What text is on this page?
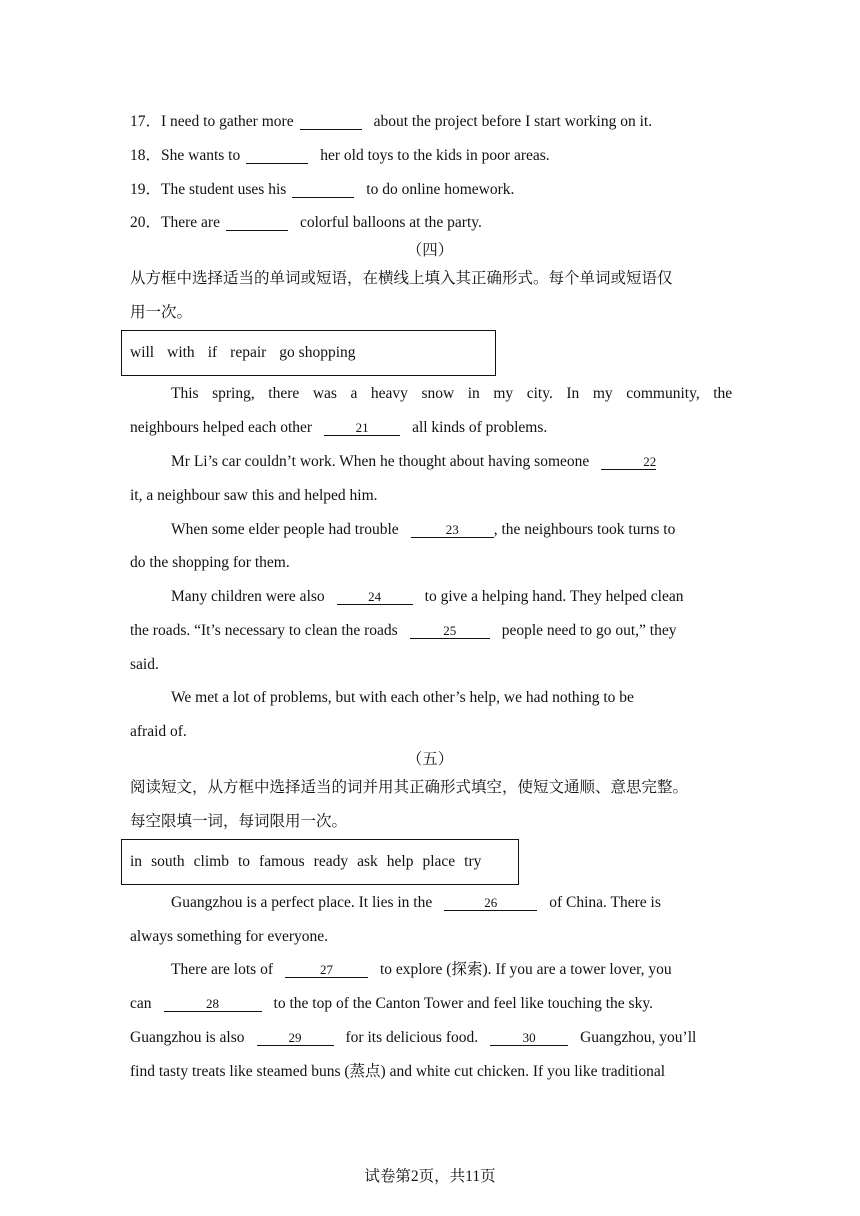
17．I need to gather more	about the project before I start working on it.
18．She wants to	her old toys to the kids in poor areas.
19．The student uses his	to do online homework.
20．There are	colorful balloons at the party.
（四）
从方框中选择适当的单词或短语，在横线上填入其正确形式。每个单词或短语仅
用一次。
will with if repair go shopping
This spring, there was a heavy snow in my city. In my community, the
neighbours helped each other	21	all kinds of problems.
Mr Li’s car couldn’t work. When he thought about having someone	22
it, a neighbour saw this and helped him.
When some elder people had trouble	23 , the neighbours took turns to
do the shopping for them.
Many children were also	24	to give a helping hand. They helped clean
the roads. “It’s necessary to clean the roads	25	people need to go out,” they
said.
We met a lot of problems, but with each other’s help, we had nothing to be
afraid of.
（五）
阅读短文，从方框中选择适当的词并用其正确形式填空，使短文通顺、意思完整。
每空限填一词，每词限用一次。
in south climb to famous ready ask help place try
Guangzhou is a perfect place. It lies in the	26	of China. There is
always something for everyone.
There are lots of	27	to explore (探索). If you are a tower lover, you
can	28	to the top of the Canton Tower and feel like touching the sky.
Guangzhou is also	29	for its delicious food.	30	Guangzhou, you’ll
find tasty treats like steamed buns (蒸点) and white cut chicken. If you like traditional
试卷第2页，共11页
